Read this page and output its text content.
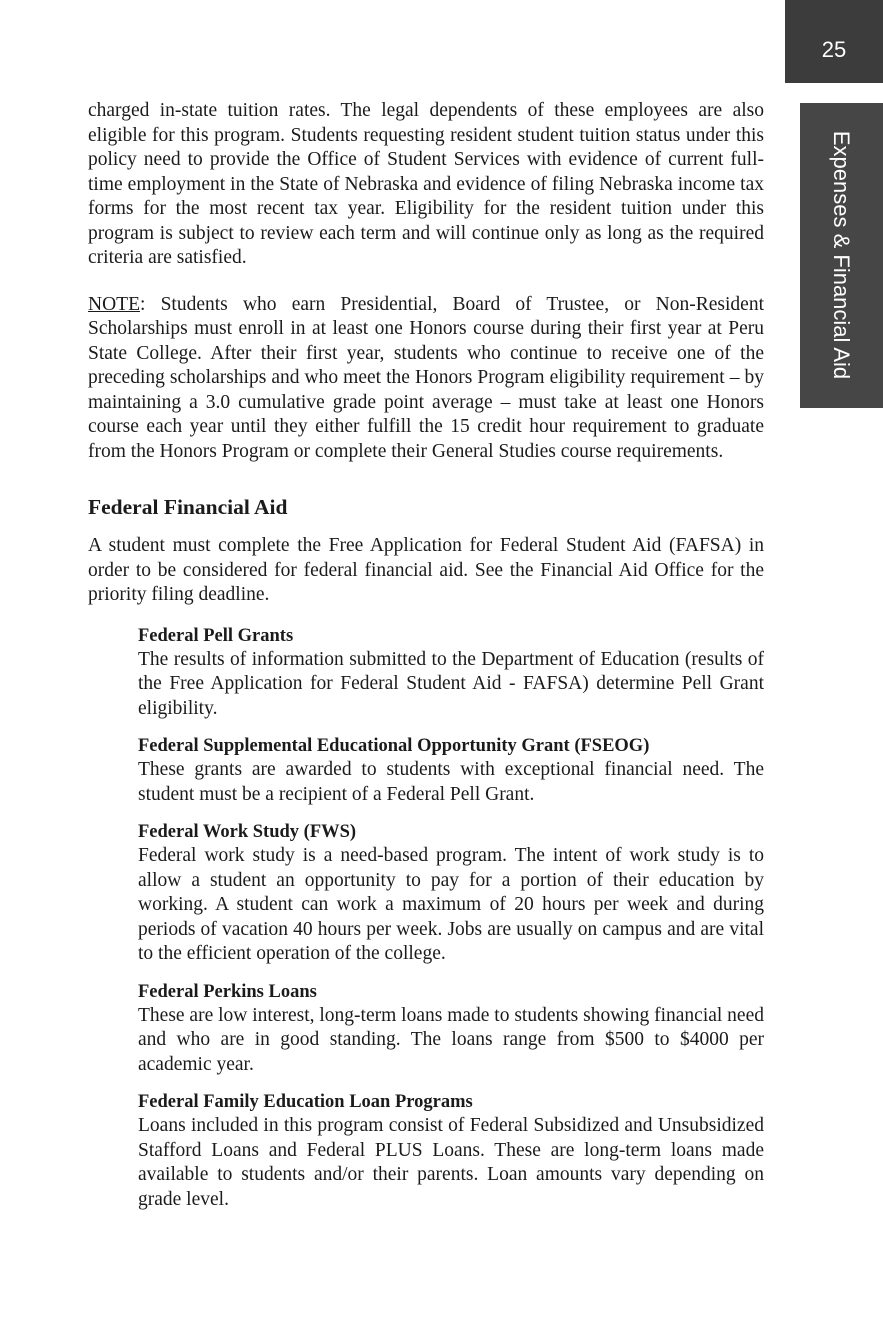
25
Expenses & Financial Aid

charged in-state tuition rates. The legal dependents of these employees are also eligible for this program. Students requesting resident student tuition status under this policy need to provide the Office of Student Services with evidence of current full-time employment in the State of Nebraska and evidence of filing Nebraska income tax forms for the most recent tax year. Eligibility for the resident tuition under this program is subject to review each term and will continue only as long as the required criteria are satisfied.

NOTE: Students who earn Presidential, Board of Trustee, or Non-Resident Scholarships must enroll in at least one Honors course during their first year at Peru State College. After their first year, students who continue to receive one of the preceding scholarships and who meet the Honors Program eligibility requirement – by maintaining a 3.0 cumulative grade point average – must take at least one Honors course each year until they either fulfill the 15 credit hour requirement to graduate from the Honors Program or complete their General Studies course requirements.

Federal Financial Aid

A student must complete the Free Application for Federal Student Aid (FAFSA) in order to be considered for federal financial aid. See the Financial Aid Office for the priority filing deadline.

Federal Pell Grants

The results of information submitted to the Department of Education (results of the Free Application for Federal Student Aid - FAFSA) determine Pell Grant eligibility.

Federal Supplemental Educational Opportunity Grant (FSEOG)

These grants are awarded to students with exceptional financial need. The student must be a recipient of a Federal Pell Grant.

Federal Work Study (FWS)

Federal work study is a need-based program. The intent of work study is to allow a student an opportunity to pay for a portion of their education by working. A student can work a maximum of 20 hours per week and during periods of vacation 40 hours per week. Jobs are usually on campus and are vital to the efficient operation of the college.

Federal Perkins Loans

These are low interest, long-term loans made to students showing financial need and who are in good standing. The loans range from $500 to $4000 per academic year.

Federal Family Education Loan Programs

Loans included in this program consist of Federal Subsidized and Unsubsidized Stafford Loans and Federal PLUS Loans. These are long-term loans made available to students and/or their parents. Loan amounts vary depending on grade level.
